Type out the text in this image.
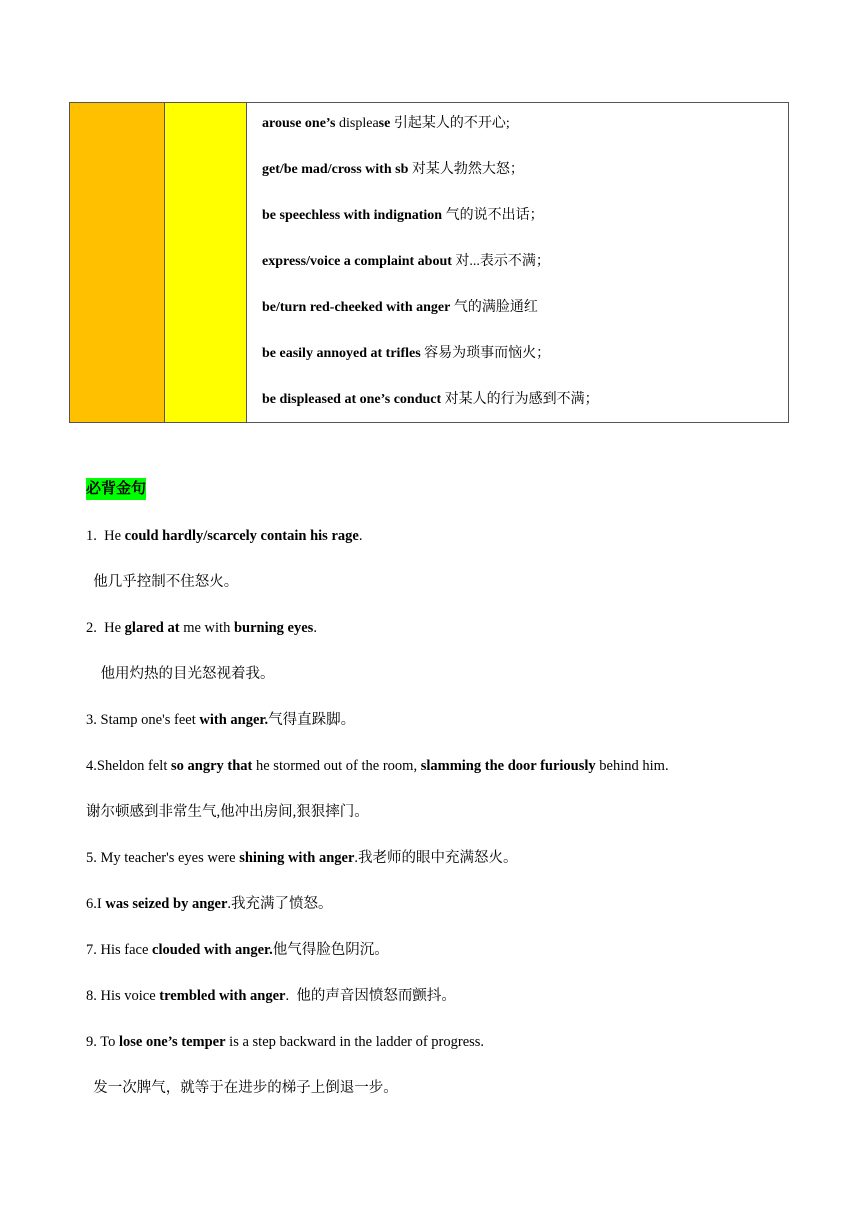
arouse one’s displease 引起某人的不开心;
get/be mad/cross with sb 对某人勃然大怒；
be speechless with indignation 气的说不出话；
express/voice a complaint about 对...表示不满；
be/turn red-cheeked with anger 气的满脸通红
be easily annoyed at trifles 容易为琐事而恼火；
be displeased at one’s conduct 对某人的行为感到不满；
必背金句
1.  He could hardly/scarcely contain his rage.
他几乎控制不住怒火。
2.  He glared at me with burning eyes.
他用灼热的目光怒视着我。
3. Stamp one's feet with anger.气得直跺脚。
4.Sheldon felt so angry that he stormed out of the room, slamming the door furiously behind him.
谢尔顿感到非常生气,他冲出房间,狠狠摔门。
5. My teacher's eyes were shining with anger.我老师的眼中充满怒火。
6.I was seized by anger.我充满了愤怒。
7. His face clouded with anger.他气得脸色阴沉。
8. His voice trembled with anger.  他的声音因愤怒而颤抖。
9. To lose one’s temper is a step backward in the ladder of progress.
发一次脾气，就等于在进步的梯子上倒退一步。
